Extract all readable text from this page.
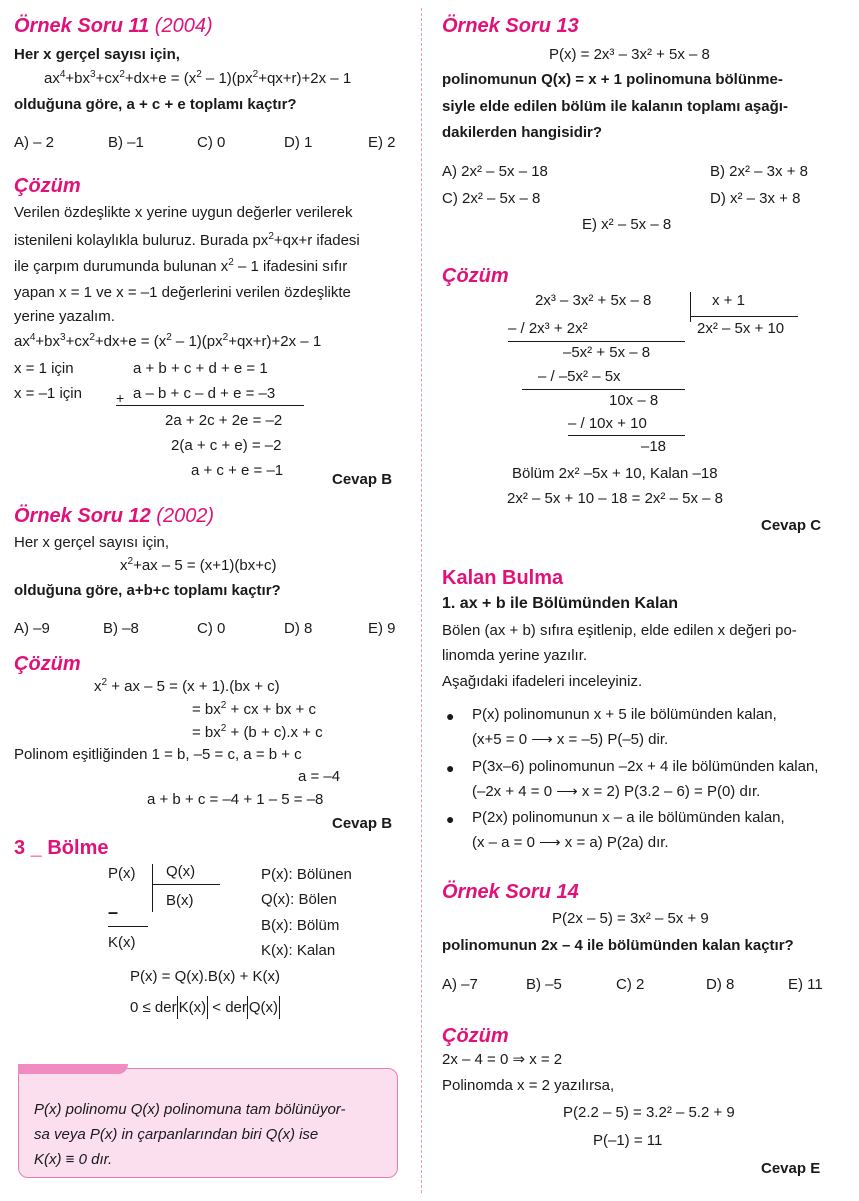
Örnek Soru 11 (2004)
Her x gerçel sayısı için,
$ax^4+bx^3+cx^2+dx+e = (x^2 - 1)(px^2+qx+r)+2x - 1$
olduğuna göre, a + c + e toplamı kaçtır?
A) – 2	B) –1	C) 0	D) 1	E) 2
Çözüm
Verilen özdeşlikte x yerine uygun değerler verilerek
istenileni kolaylıkla buluruz. Burada $px^2+qx+r$ ifadesi
ile çarpım durumunda bulunan $x^2 - 1$ ifadesini sıfır
yapan x = 1 ve x = –1 değerlerini verilen özdeşlikte
yerine yazalım.
$ax^4+bx^3+cx^2+dx+e = (x^2 - 1)(px^2+qx+r)+2x - 1$
x = 1 için	a + b + c + d + e = 1
x = –1 için + a – b + c – d + e = –3
2a + 2c + 2e = –2
2(a + c + e) = –2
a + c + e = –1
Cevap B
Örnek Soru 12 (2002)
Her x gerçel sayısı için,
$x^2+ax - 5 = (x+1)(bx+c)$
olduğuna göre, a+b+c toplamı kaçtır?
A) –9	B) –8	C) 0	D) 8	E) 9
Çözüm
$x^2$ + ax – 5 = (x + 1).(bx + c)
= $bx^2$ + cx + bx + c
= $bx^2 + (b + c).x + c$
Polinom eşitliğinden 1 = b, –5 = c, a = b + c
a = –4
a + b + c = –4 + 1 – 5 = –8
Cevap B
3 _ Bölme
P(x) Q(x)
B(x)
–
K(x)
P(x): Bölünen
Q(x): Bölen
B(x): Bölüm
K(x): Kalan
P(x) = Q(x).B(x) + K(x)
0 ≤ der K(x) < der Q(x)
P(x) polinomu Q(x) polinomuna tam bölünüyor-
sa veya P(x) in çarpanlarından biri Q(x) ise
K(x) ≡ 0 dır.
Örnek Soru 13
P(x) = 2x³ – 3x² + 5x – 8
polinomunun Q(x) = x + 1 polinomuna bölünme-
siyle elde edilen bölüm ile kalanın toplamı aşağı-
dakilerden hangisidir?
A) 2x² – 5x – 18	B) 2x² – 3x + 8
C) 2x² – 5x – 8	D) x² – 3x + 8
E) x² – 5x – 8
Çözüm
2x³ – 3x² + 5x – 8	x + 1
– / 2x³ + 2x²	2x² – 5x + 10
–5x² + 5x – 8
– / –5x² – 5x
10x – 8
– / 10x + 10
–18
Bölüm 2x² –5x + 10, Kalan –18
2x² – 5x + 10 – 18 = 2x² – 5x – 8
Cevap C
Kalan Bulma
1. ax + b ile Bölümünden Kalan
Bölen (ax + b) sıfıra eşitlenip, elde edilen x değeri po-
linomda yerine yazılır.
Aşağıdaki ifadeleri inceleyiniz.
● P(x) polinomunun x + 5 ile bölümünden kalan,
(x+5 = 0 ⟶ x = –5) P(–5) dir.
● P(3x–6) polinomunun –2x + 4 ile bölümünden kalan,
(–2x + 4 = 0 ⟶ x = 2) P(3.2 – 6) = P(0) dır.
● P(2x) polinomunun x – a ile bölümünden kalan,
(x – a = 0 ⟶ x = a) P(2a) dır.
Örnek Soru 14
P(2x – 5) = 3x² – 5x + 9
polinomunun 2x – 4 ile bölümünden kalan kaçtır?
A) –7	B) –5	C) 2	D) 8	E) 11
Çözüm
2x – 4 = 0 ⇒ x = 2
Polinomda x = 2 yazılırsa,
P(2.2 – 5) = 3.2² – 5.2 + 9
P(–1) = 11
Cevap E
